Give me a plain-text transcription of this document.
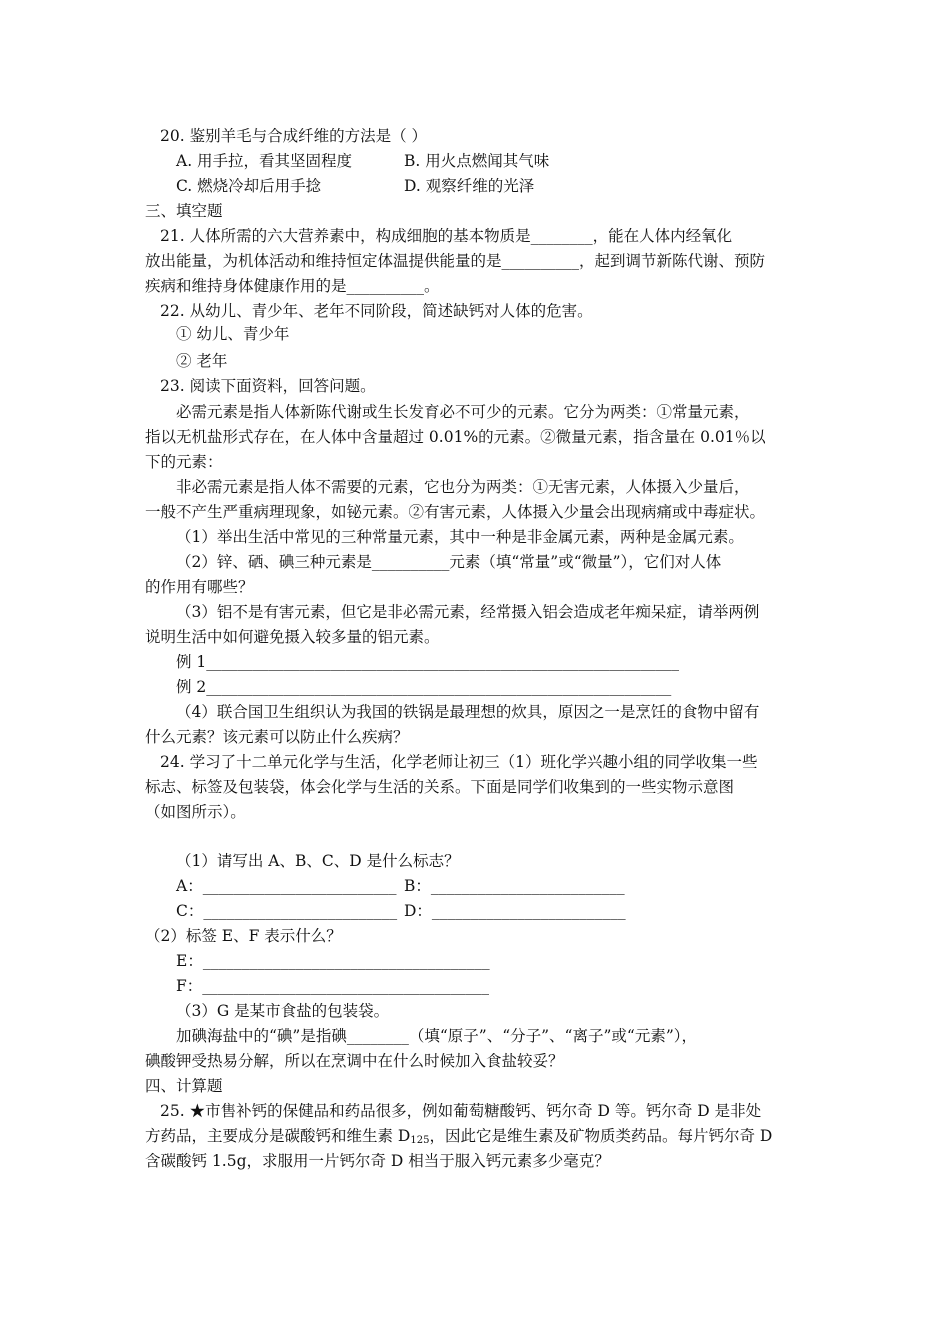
20. 鉴别羊毛与合成纤维的方法是（ ）
A. 用手拉，看其坚固程度	B. 用火点燃闻其气味
C. 燃烧冷却后用手捻	D. 观察纤维的光泽
三、填空题
21. 人体所需的六大营养素中，构成细胞的基本物质是________，能在人体内经氧化
放出能量，为机体活动和维持恒定体温提供能量的是__________，起到调节新陈代谢、预防
疾病和维持身体健康作用的是__________。
22. 从幼儿、青少年、老年不同阶段，简述缺钙对人体的危害。
① 幼儿、青少年
② 老年
23. 阅读下面资料，回答问题。
必需元素是指人体新陈代谢或生长发育必不可少的元素。它分为两类：①常量元素，
指以无机盐形式存在，在人体中含量超过 0.01%的元素。②微量元素，指含量在 0.01％以
下的元素：
非必需元素是指人体不需要的元素，它也分为两类：①无害元素，人体摄入少量后，
一般不产生严重病理现象，如铋元素。②有害元素，人体摄入少量会出现病痛或中毒症状。
（1）举出生活中常见的三种常量元素，其中一种是非金属元素，两种是金属元素。
（2）锌、硒、碘三种元素是__________元素（填“常量”或“微量”），它们对人体
的作用有哪些？
（3）铝不是有害元素，但它是非必需元素，经常摄入铝会造成老年痴呆症，请举两例
说明生活中如何避免摄入较多量的铝元素。
例 1_____________________________________________________________
例 2____________________________________________________________
（4）联合国卫生组织认为我国的铁锅是最理想的炊具，原因之一是烹饪的食物中留有
什么元素？该元素可以防止什么疾病？
24. 学习了十二单元化学与生活，化学老师让初三（1）班化学兴趣小组的同学收集一些
标志、标签及包装袋，体会化学与生活的关系。下面是同学们收集到的一些实物示意图
（如图所示）。
（1）请写出 A、B、C、D 是什么标志？
A：_________________________ B：_________________________
C：_________________________ D：_________________________
（2）标签 E、F 表示什么？
E：_____________________________________
F：_____________________________________
（3）G 是某市食盐的包装袋。
加碘海盐中的“碘”是指碘________（填“原子”、“分子”、“离子”或“元素”），
碘酸钾受热易分解，所以在烹调中在什么时候加入食盐较妥？
四、计算题
25. ★市售补钙的保健品和药品很多，例如葡萄糖酸钙、钙尔奇 D 等。钙尔奇 D 是非处
方药品，主要成分是碳酸钙和维生素 $D_{125}$，因此它是维生素及矿物质类药品。每片钙尔奇 D
含碳酸钙 1.5g，求服用一片钙尔奇 D 相当于服入钙元素多少毫克？
